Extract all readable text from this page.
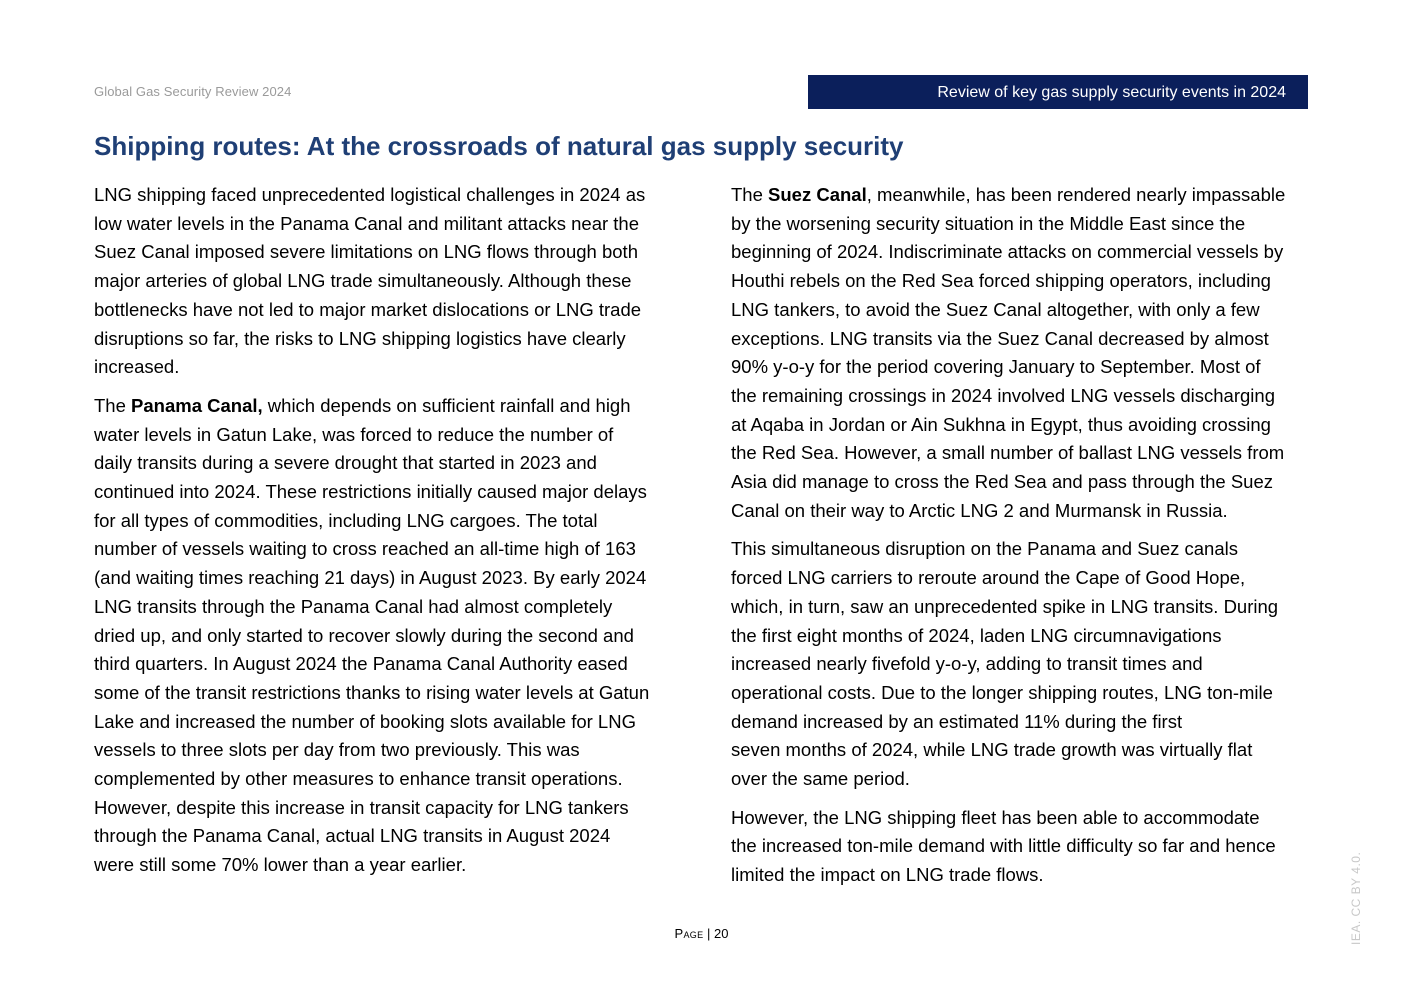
Global Gas Security Review 2024	Review of key gas supply security events in 2024
Shipping routes: At the crossroads of natural gas supply security

LNG shipping faced unprecedented logistical challenges in 2024 as
low water levels in the Panama Canal and militant attacks near the
Suez Canal imposed severe limitations on LNG flows through both
major arteries of global LNG trade simultaneously. Although these
bottlenecks have not led to major market dislocations or LNG trade
disruptions so far, the risks to LNG shipping logistics have clearly
increased.

The Panama Canal, which depends on sufficient rainfall and high
water levels in Gatun Lake, was forced to reduce the number of
daily transits during a severe drought that started in 2023 and
continued into 2024. These restrictions initially caused major delays
for all types of commodities, including LNG cargoes. The total
number of vessels waiting to cross reached an all-time high of 163
(and waiting times reaching 21 days) in August 2023. By early 2024
LNG transits through the Panama Canal had almost completely
dried up, and only started to recover slowly during the second and
third quarters. In August 2024 the Panama Canal Authority eased
some of the transit restrictions thanks to rising water levels at Gatun
Lake and increased the number of booking slots available for LNG
vessels to three slots per day from two previously. This was
complemented by other measures to enhance transit operations.
However, despite this increase in transit capacity for LNG tankers
through the Panama Canal, actual LNG transits in August 2024
were still some 70% lower than a year earlier.

The Suez Canal, meanwhile, has been rendered nearly impassable
by the worsening security situation in the Middle East since the
beginning of 2024. Indiscriminate attacks on commercial vessels by
Houthi rebels on the Red Sea forced shipping operators, including
LNG tankers, to avoid the Suez Canal altogether, with only a few
exceptions. LNG transits via the Suez Canal decreased by almost
90% y-o-y for the period covering January to September. Most of
the remaining crossings in 2024 involved LNG vessels discharging
at Aqaba in Jordan or Ain Sukhna in Egypt, thus avoiding crossing
the Red Sea. However, a small number of ballast LNG vessels from
Asia did manage to cross the Red Sea and pass through the Suez
Canal on their way to Arctic LNG 2 and Murmansk in Russia.

This simultaneous disruption on the Panama and Suez canals
forced LNG carriers to reroute around the Cape of Good Hope,
which, in turn, saw an unprecedented spike in LNG transits. During
the first eight months of 2024, laden LNG circumnavigations
increased nearly fivefold y-o-y, adding to transit times and
operational costs. Due to the longer shipping routes, LNG ton-mile
demand increased by an estimated 11% during the first
seven months of 2024, while LNG trade growth was virtually flat
over the same period.

However, the LNG shipping fleet has been able to accommodate
the increased ton-mile demand with little difficulty so far and hence
limited the impact on LNG trade flows.

Page | 20	IEA. CC BY 4.0.
